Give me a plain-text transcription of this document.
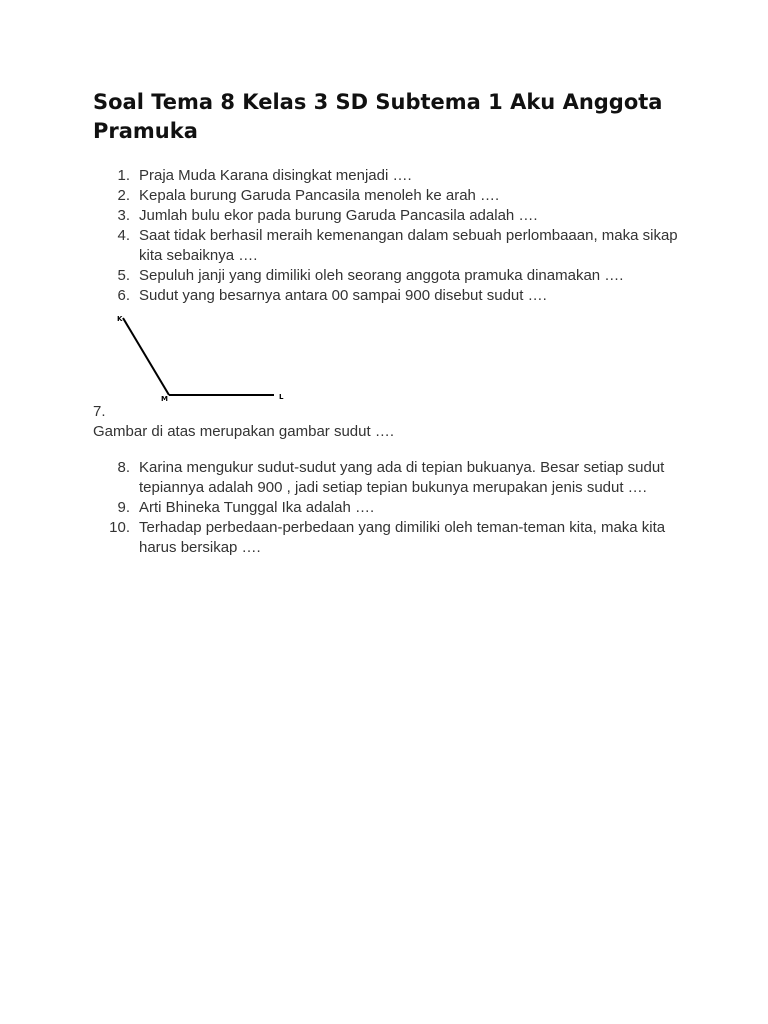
Soal Tema 8 Kelas 3 SD Subtema 1 Aku Anggota Pramuka
1. Praja Muda Karana disingkat menjadi ….
2. Kepala burung Garuda Pancasila menoleh ke arah ….
3. Jumlah bulu ekor pada burung Garuda Pancasila adalah ….
4. Saat tidak berhasil meraih kemenangan dalam sebuah perlombaaan, maka sikap kita sebaiknya ….
5. Sepuluh janji yang dimiliki oleh seorang anggota pramuka dinamakan ….
6. Sudut yang besarnya antara 00 sampai 900 disebut sudut ….
K
M	L
7.

Gambar di atas merupakan gambar sudut ….

8. Karina mengukur sudut-sudut yang ada di tepian bukuanya. Besar setiap sudut tepiannya adalah 900 , jadi setiap tepian bukunya merupakan jenis sudut ….
9. Arti Bhineka Tunggal Ika adalah ….
10. Terhadap perbedaan-perbedaan yang dimiliki oleh teman-teman kita, maka kita harus bersikap ….
